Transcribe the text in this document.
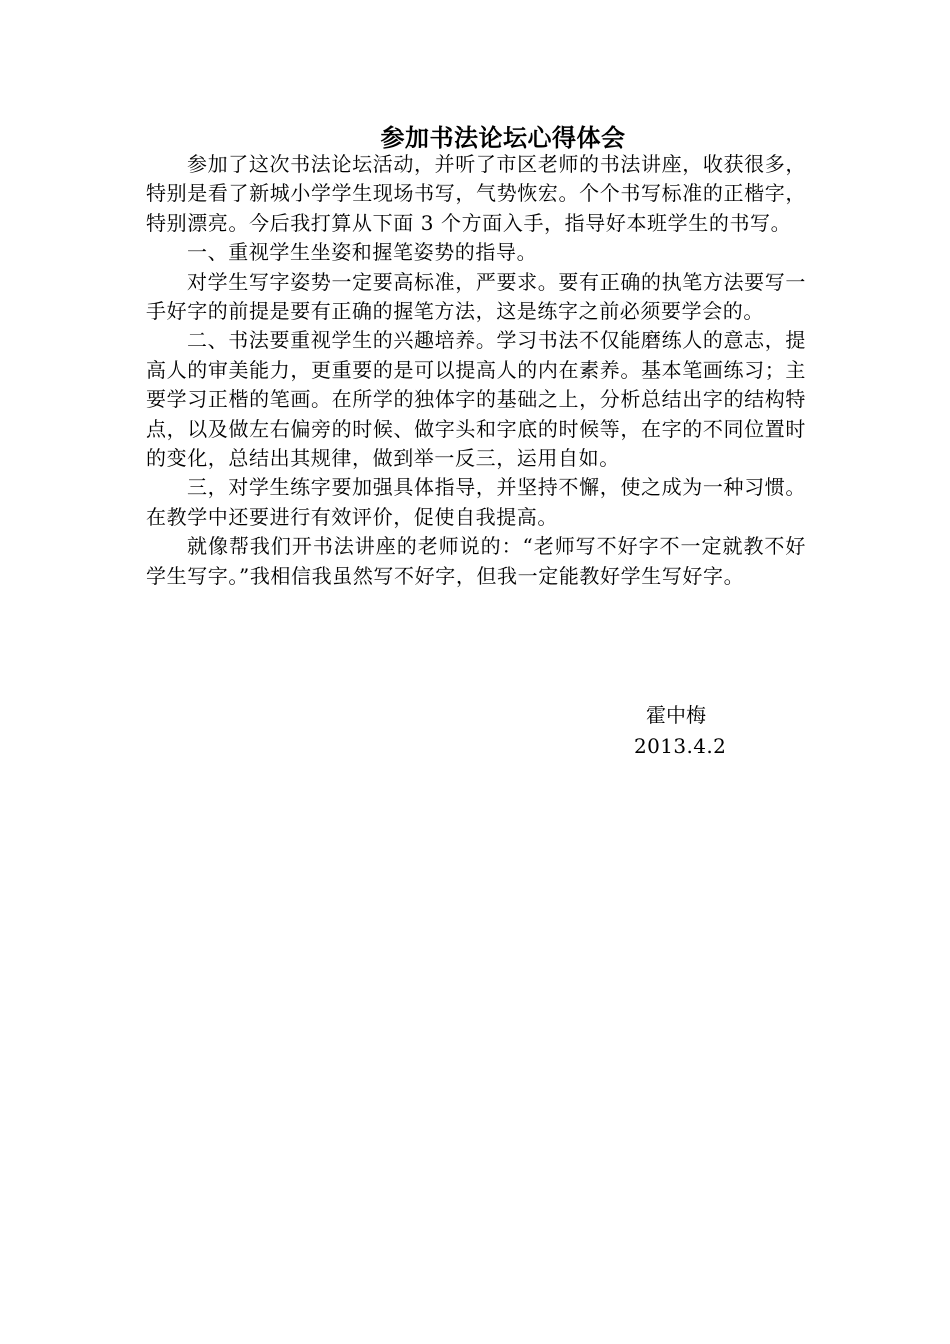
参加书法论坛心得体会

参加了这次书法论坛活动，并听了市区老师的书法讲座，收获很多，特别是看了新城小学学生现场书写，气势恢宏。个个书写标准的正楷字，特别漂亮。今后我打算从下面 3 个方面入手，指导好本班学生的书写。

一、重视学生坐姿和握笔姿势的指导。

对学生写字姿势一定要高标准，严要求。要有正确的执笔方法要写一手好字的前提是要有正确的握笔方法，这是练字之前必须要学会的。

二、书法要重视学生的兴趣培养。学习书法不仅能磨练人的意志，提高人的审美能力，更重要的是可以提高人的内在素养。基本笔画练习；主要学习正楷的笔画。在所学的独体字的基础之上，分析总结出字的结构特点，以及做左右偏旁的时候、做字头和字底的时候等，在字的不同位置时的变化，总结出其规律，做到举一反三，运用自如。

三，对学生练字要加强具体指导，并坚持不懈，使之成为一种习惯。在教学中还要进行有效评价，促使自我提高。

就像帮我们开书法讲座的老师说的：“老师写不好字不一定就教不好学生写字。”我相信我虽然写不好字，但我一定能教好学生写好字。

霍中梅
2013.4.2
